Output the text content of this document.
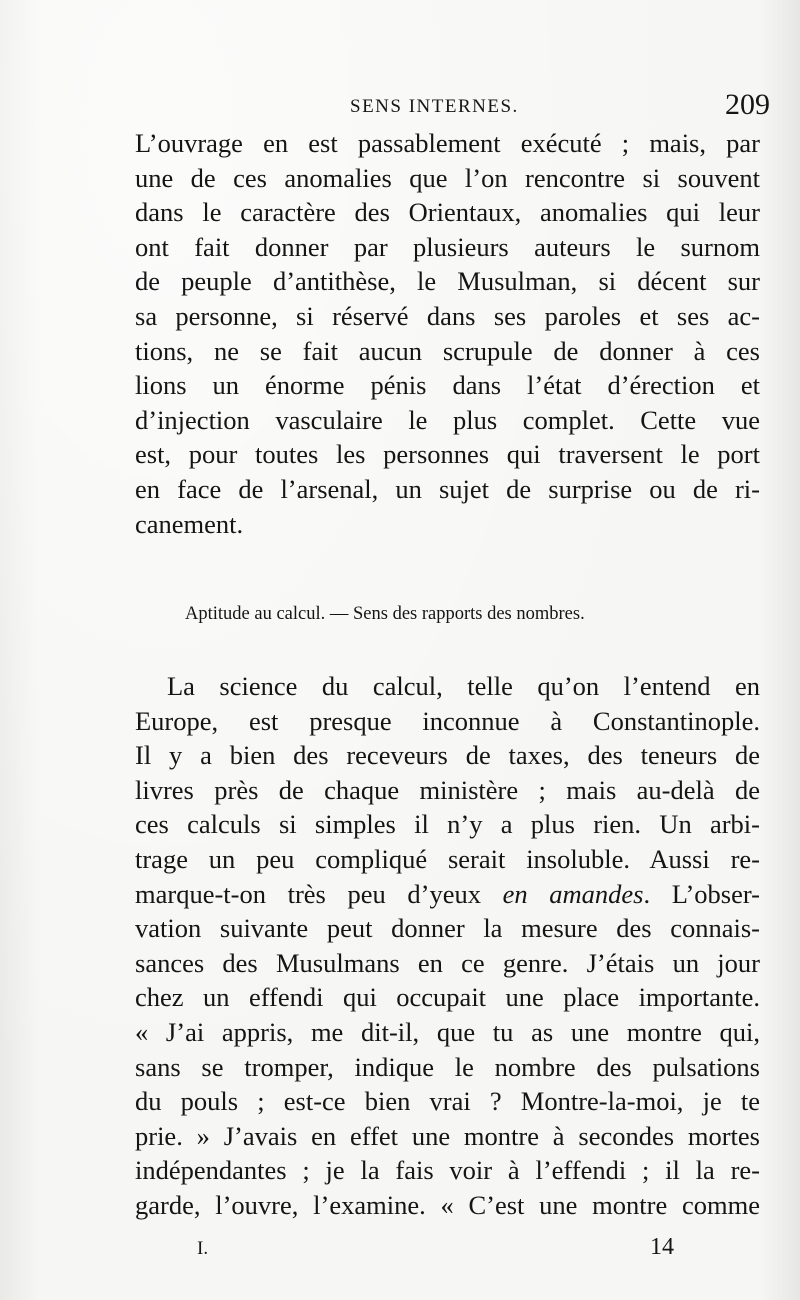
SENS INTERNES.	209
L’ouvrage en est passablement exécuté ; mais, par
une de ces anomalies que l’on rencontre si souvent
dans le caractère des Orientaux, anomalies qui leur
ont fait donner par plusieurs auteurs le surnom
de peuple d’antithèse, le Musulman, si décent sur
sa personne, si réservé dans ses paroles et ses ac-
tions, ne se fait aucun scrupule de donner à ces
lions un énorme pénis dans l’état d’érection et
d’injection vasculaire le plus complet. Cette vue
est, pour toutes les personnes qui traversent le port
en face de l’arsenal, un sujet de surprise ou de ri-
canement.
Aptitude au calcul. — Sens des rapports des nombres.
La science du calcul, telle qu’on l’entend en
Europe, est presque inconnue à Constantinople.
Il y a bien des receveurs de taxes, des teneurs de
livres près de chaque ministère ; mais au-delà de
ces calculs si simples il n’y a plus rien. Un arbi-
trage un peu compliqué serait insoluble. Aussi re-
marque-t-on très peu d’yeux en amandes. L’obser-
vation suivante peut donner la mesure des connais-
sances des Musulmans en ce genre. J’étais un jour
chez un effendi qui occupait une place importante.
« J’ai appris, me dit-il, que tu as une montre qui,
sans se tromper, indique le nombre des pulsations
du pouls ; est-ce bien vrai ? Montre-la-moi, je te
prie. » J’avais en effet une montre à secondes mortes
indépendantes ; je la fais voir à l’effendi ; il la re-
garde, l’ouvre, l’examine. « C’est une montre comme
I.	14
